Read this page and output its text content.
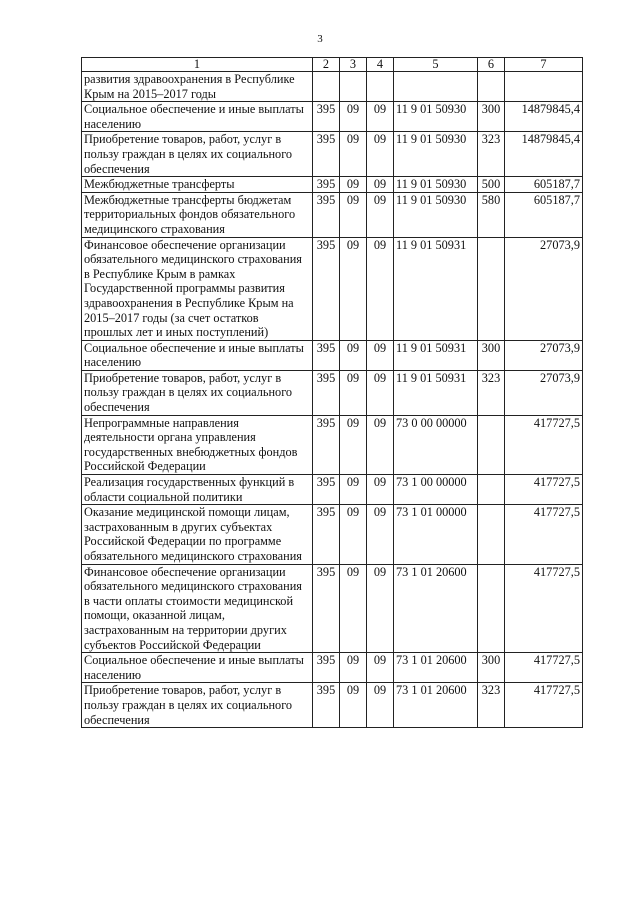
3
1	2	3	4	5	6	7
развития здравоохранения в Республике Крым на 2015–2017 годы						
Социальное обеспечение и иные выплаты населению	395	09	09	11 9 01 50930	300	14879845,4
Приобретение товаров, работ, услуг в пользу граждан в целях их социального обеспечения	395	09	09	11 9 01 50930	323	14879845,4
Межбюджетные трансферты	395	09	09	11 9 01 50930	500	605187,7
Межбюджетные трансферты бюджетам территориальных фондов обязательного медицинского страхования	395	09	09	11 9 01 50930	580	605187,7
Финансовое обеспечение организации обязательного медицинского страхования в Республике Крым в рамках Государственной программы развития здравоохранения в Республике Крым на 2015–2017 годы (за счет остатков прошлых лет и иных поступлений)	395	09	09	11 9 01 50931		27073,9
Социальное обеспечение и иные выплаты населению	395	09	09	11 9 01 50931	300	27073,9
Приобретение товаров, работ, услуг в пользу граждан в целях их социального обеспечения	395	09	09	11 9 01 50931	323	27073,9
Непрограммные направления деятельности органа управления государственных внебюджетных фондов Российской Федерации	395	09	09	73 0 00 00000		417727,5
Реализация государственных функций в области социальной политики	395	09	09	73 1 00 00000		417727,5
Оказание медицинской помощи лицам, застрахованным в других субъектах Российской Федерации по программе обязательного медицинского страхования	395	09	09	73 1 01 00000		417727,5
Финансовое обеспечение организации обязательного медицинского страхования в части оплаты стоимости медицинской помощи, оказанной лицам, застрахованным на территории других субъектов Российской Федерации	395	09	09	73 1 01 20600		417727,5
Социальное обеспечение и иные выплаты населению	395	09	09	73 1 01 20600	300	417727,5
Приобретение товаров, работ, услуг в пользу граждан в целях их социального обеспечения	395	09	09	73 1 01 20600	323	417727,5
